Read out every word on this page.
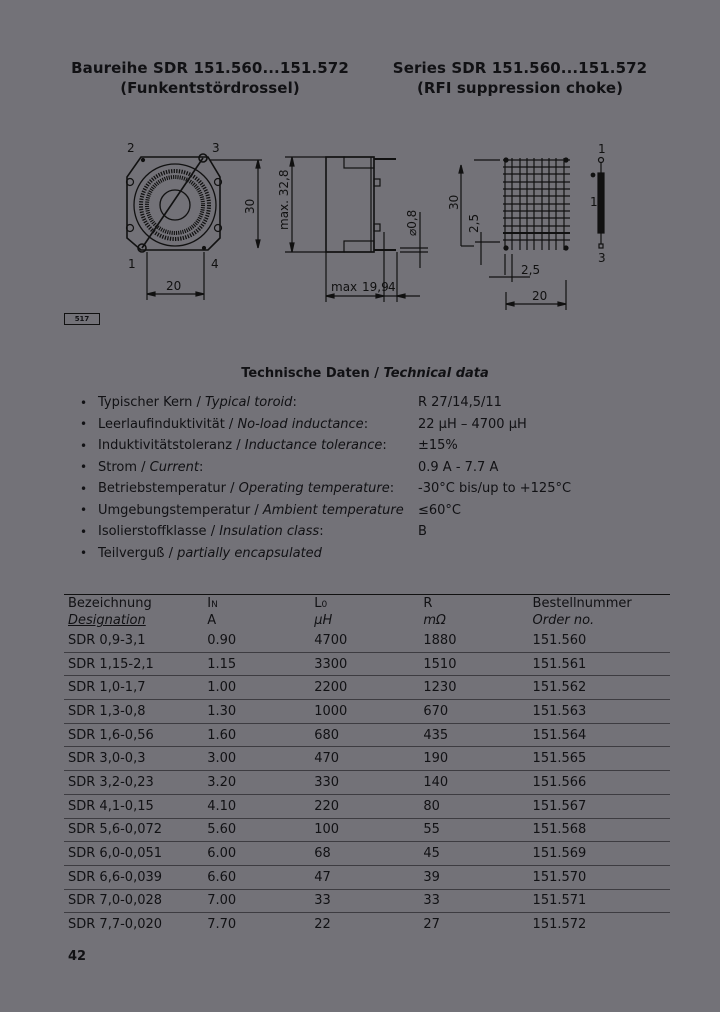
Baureihe SDR 151.560...151.572
(Funkentstördrossel)
Series SDR 151.560...151.572
(RFI suppression choke)
2	3
1	4
20
30 max. 32,8
max 19,9 4
⌀0,8
30
2,5
2,5
20
1
1
3
517
Technische Daten / Technical data
• Typischer Kern / Typical toroid:	R 27/14,5/11
• Leerlaufinduktivität / No-load inductance:	22 µH – 4700 µH
• Induktivitätstoleranz / Inductance tolerance:	±15%
• Strom / Current:	0.9 A - 7.7 A
• Betriebstemperatur / Operating temperature:	-30°C bis/up to +125°C
• Umgebungstemperatur / Ambient temperature	≤60°C
• Isolierstoffklasse / Insulation class:	B
• Teilverguß / partially encapsulated
Bezeichnung	IN	L0	R	Bestellnummer
Designation	A	µH	mΩ	Order no.
SDR 0,9-3,1	0.90	4700	1880	151.560
SDR 1,15-2,1	1.15	3300	1510	151.561
SDR 1,0-1,7	1.00	2200	1230	151.562
SDR 1,3-0,8	1.30	1000	670	151.563
SDR 1,6-0,56	1.60	680	435	151.564
SDR 3,0-0,3	3.00	470	190	151.565
SDR 3,2-0,23	3.20	330	140	151.566
SDR 4,1-0,15	4.10	220	80	151.567
SDR 5,6-0,072	5.60	100	55	151.568
SDR 6,0-0,051	6.00	68	45	151.569
SDR 6,6-0,039	6.60	47	39	151.570
SDR 7,0-0,028	7.00	33	33	151.571
SDR 7,7-0,020	7.70	22	27	151.572
42
